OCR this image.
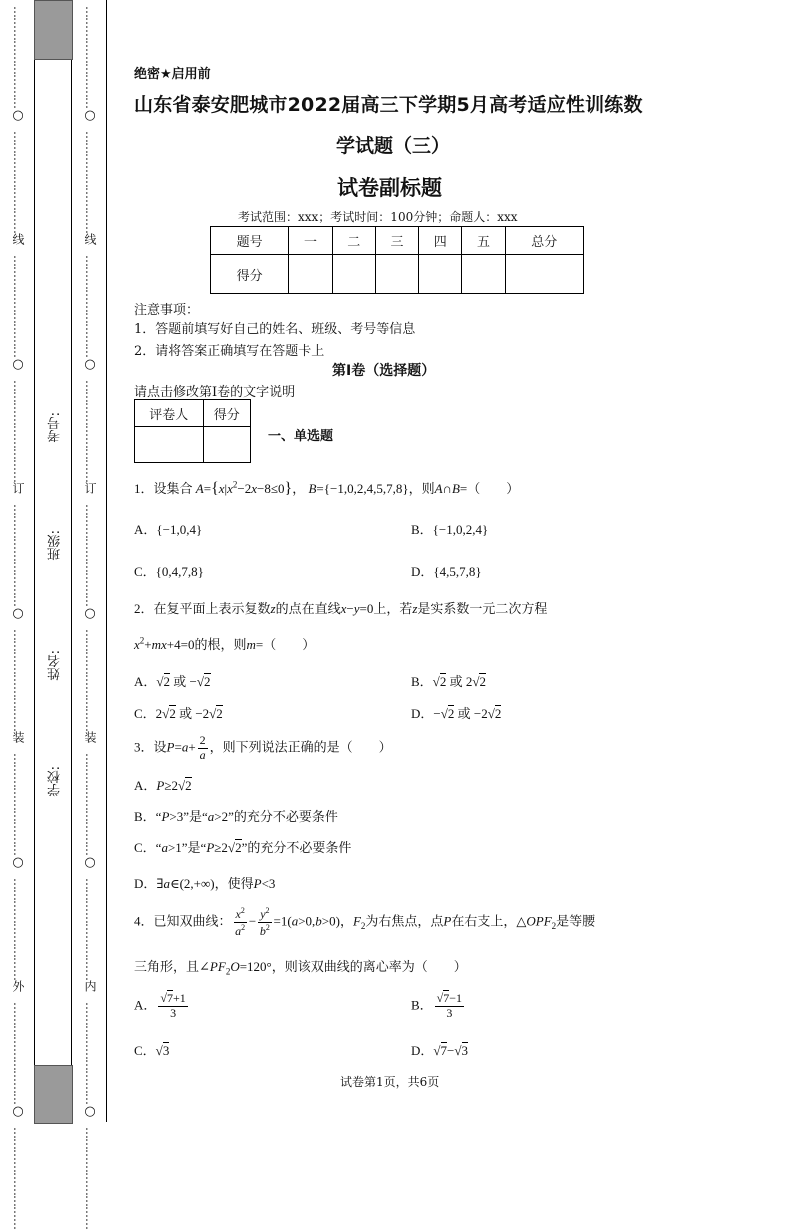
…
…
…
…
…
…
…
…
…
○
…
…
…
…
…
…
…
…
…
线
…
…
…
…
…
…
…
…
…
○
…
…
…
…
…
…
…
…
…
订
…
…
…
…
…
…
…
…
…
○
…
…
…
…
…
…
…
…
…
装
…
…
…
…
…
…
…
…
…
○
…
…
…
…
…
…
…
…
…
外
…
…
…
…
…
…
…
…
…
○
…
…
…
…
…
…
…
…
…
…
…
…
…
…
…
…
…
…
○
…
…
…
…
…
…
…
…
…
线
…
…
…
…
…
…
…
…
…
○
…
…
…
…
…
…
…
…
…
订
…
…
…
…
…
…
…
…
…
○
…
…
…
…
…
…
…
…
…
装
…
…
…
…
…
…
…
…
…
○
…
…
…
…
…
…
…
…
…
内
…
…
…
…
…
…
…
…
…
○
…
…
…
…
…
…
…
…
…
考号:
班级:
姓名:
学校:
绝密★启用前
山东省泰安肥城市2022届高三下学期5月高考适应性训练数
学试题（三）
试卷副标题
考试范围：xxx；考试时间：100分钟；命题人：xxx
题号	一	二	三	四	五	总分
得分						
注意事项：
1．答题前填写好自己的姓名、班级、考号等信息
2．请将答案正确填写在答题卡上
第I卷（选择题）
请点击修改第I卷的文字说明
评卷人	得分

一、单选题
1．设集合 $A=\{x|x^2-2x-8\le 0\}$， B={−1,0,2,4,5,7,8}，则A∩B=（　　）
A．{−1,0,4}	B．{−1,0,2,4}
C．{0,4,7,8}	D．{4,5,7,8}
2．在复平面上表示复数z的点在直线x−y=0上，若z是实系数一元二次方程
$x^2+mx+4=0$的根，则m=（　　）
A．√2 或 −√2	B．√2 或 2√2
C．2√2 或 −2√2	D．−√2 或 −2√2
3．设$P=a+ \frac{2}{a}$ ，则下列说法正确的是（　　）
A．P≥2√2
B．“P>3”是“a>2”的充分不必要条件
C．“a>1”是“P≥2√2”的充分不必要条件
D．∃a∈(2,+∞)，使得P<3
4．已知双曲线： $\frac{x^2}{a^2} - \frac{y^2}{b^2} =1(a>0,b>0)$，$F_2$为右焦点，点P在右支上，$\triangle OPF_2$是等腰
三角形，且$\angle PF_2O=120^\circ$，则该双曲线的离心率为（　　）
A． $\frac{√7+1}{3}$	B． $\frac{√7-1}{3}$
C．√3	D．√7−√3
试卷第1页，共6页
